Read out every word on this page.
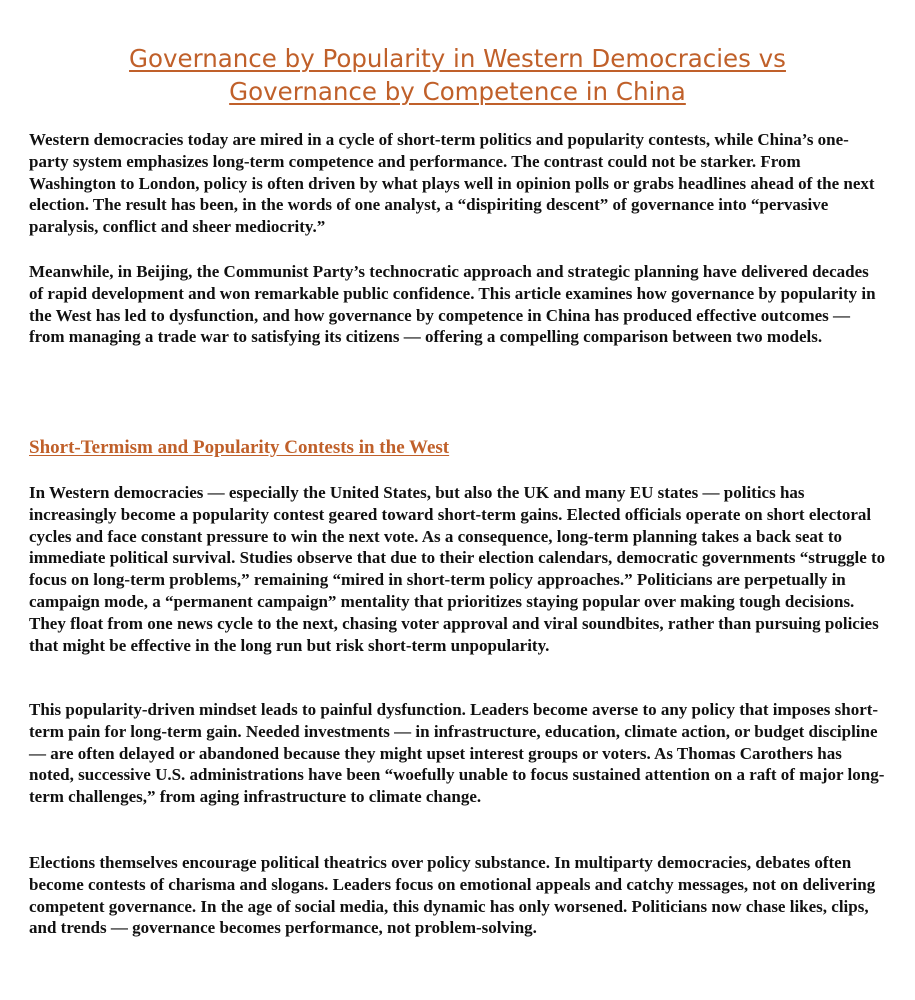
Governance by Popularity in Western Democracies vs
Governance by Competence in China

Western democracies today are mired in a cycle of short-term politics and popularity contests, while China’s one-party system emphasizes long-term competence and performance. The contrast could not be starker. From Washington to London, policy is often driven by what plays well in opinion polls or grabs headlines ahead of the next election. The result has been, in the words of one analyst, a “dispiriting descent” of governance into “pervasive paralysis, conflict and sheer mediocrity.”

Meanwhile, in Beijing, the Communist Party’s technocratic approach and strategic planning have delivered decades of rapid development and won remarkable public confidence. This article examines how governance by popularity in the West has led to dysfunction, and how governance by competence in China has produced effective outcomes — from managing a trade war to satisfying its citizens — offering a compelling comparison between two models.

Short-Termism and Popularity Contests in the West

In Western democracies — especially the United States, but also the UK and many EU states — politics has increasingly become a popularity contest geared toward short-term gains. Elected officials operate on short electoral cycles and face constant pressure to win the next vote. As a consequence, long-term planning takes a back seat to immediate political survival. Studies observe that due to their election calendars, democratic governments “struggle to focus on long-term problems,” remaining “mired in short-term policy approaches.” Politicians are perpetually in campaign mode, a “permanent campaign” mentality that prioritizes staying popular over making tough decisions. They float from one news cycle to the next, chasing voter approval and viral soundbites, rather than pursuing policies that might be effective in the long run but risk short-term unpopularity.

This popularity-driven mindset leads to painful dysfunction. Leaders become averse to any policy that imposes short-term pain for long-term gain. Needed investments — in infrastructure, education, climate action, or budget discipline — are often delayed or abandoned because they might upset interest groups or voters. As Thomas Carothers has noted, successive U.S. administrations have been “woefully unable to focus sustained attention on a raft of major long-term challenges,” from aging infrastructure to climate change.

Elections themselves encourage political theatrics over policy substance. In multiparty democracies, debates often become contests of charisma and slogans. Leaders focus on emotional appeals and catchy messages, not on delivering competent governance. In the age of social media, this dynamic has only worsened. Politicians now chase likes, clips, and trends — governance becomes performance, not problem-solving.
